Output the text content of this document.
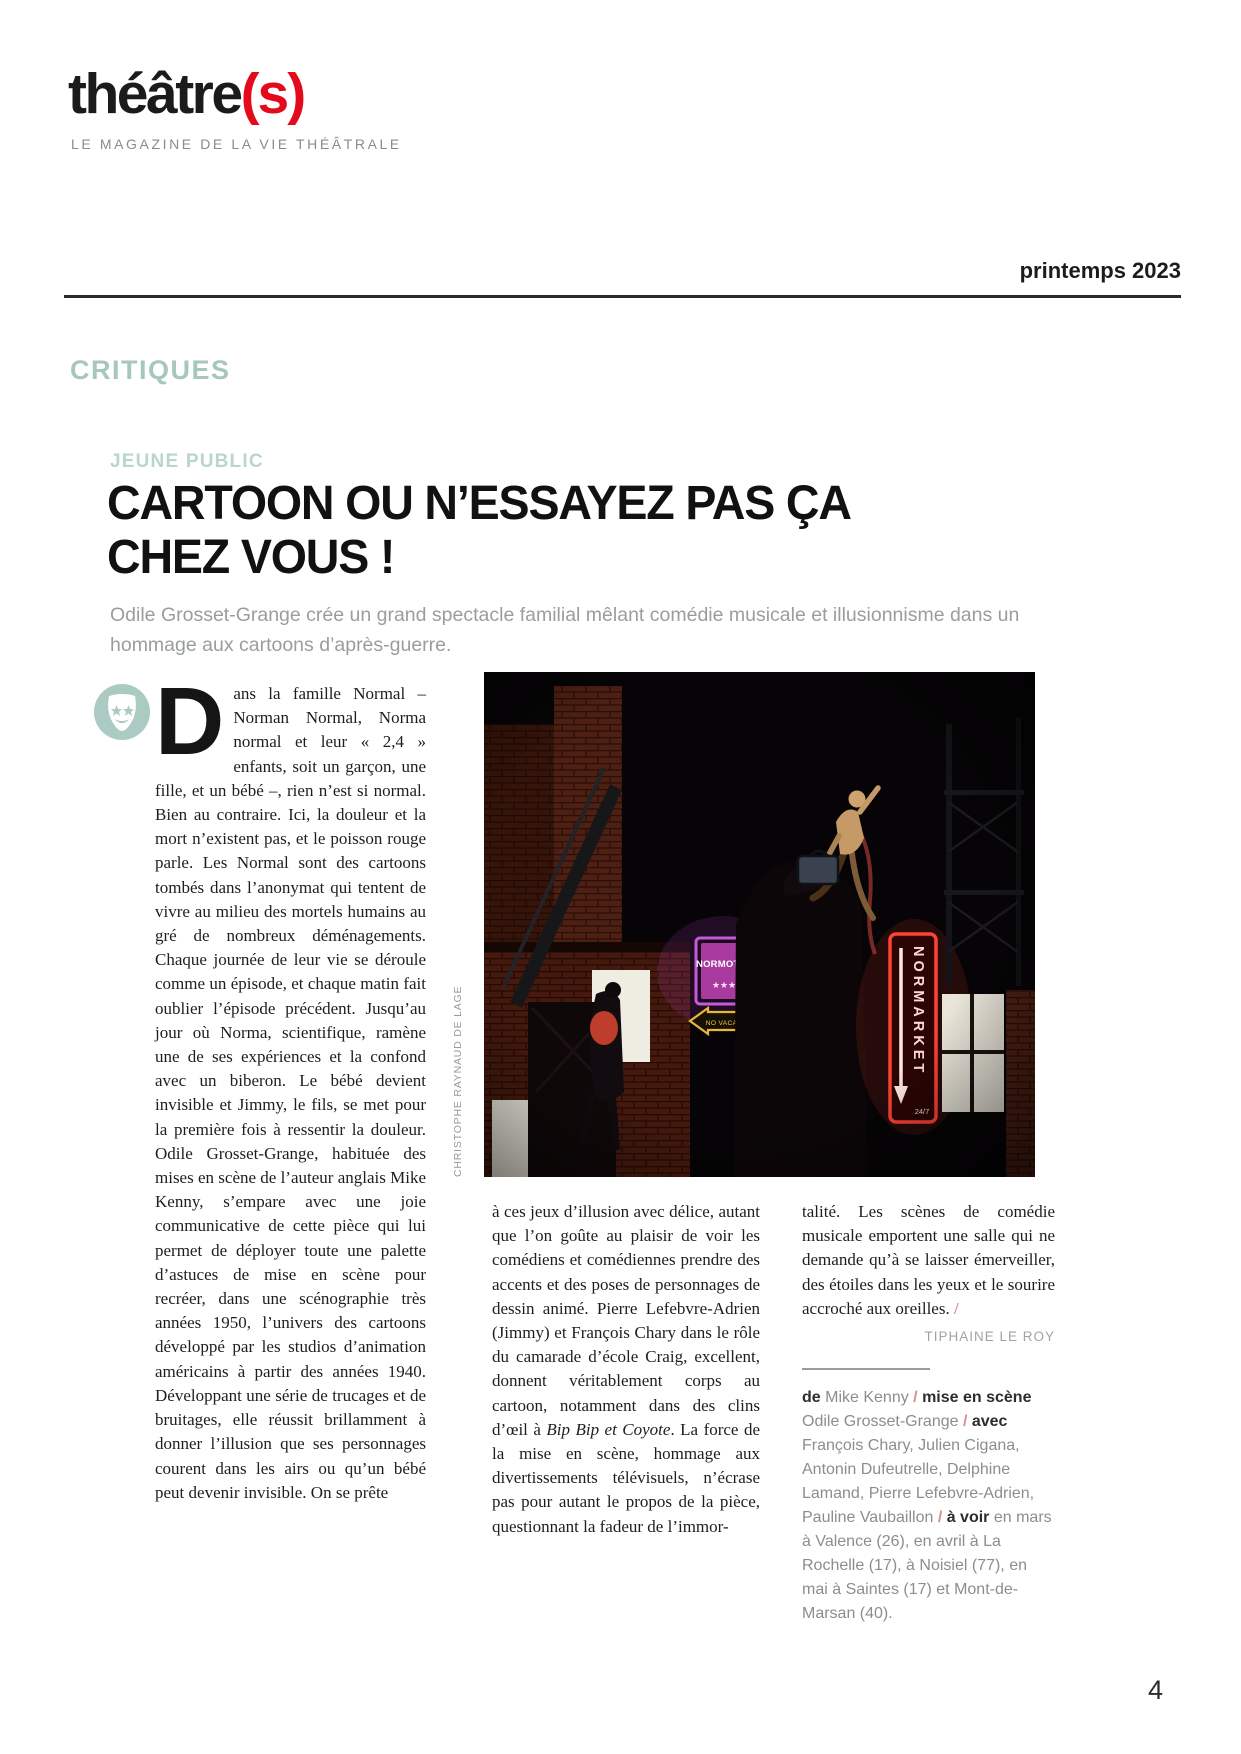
théâtre(s)
LE MAGAZINE DE LA VIE THÉÂTRALE
printemps 2023
CRITIQUES
JEUNE PUBLIC
CARTOON OU N’ESSAYEZ PAS ÇA
CHEZ VOUS !
Odile Grosset-Grange crée un grand spectacle familial mêlant comédie musicale et illusionnisme dans un hommage aux cartoons d’après-guerre.
Dans la famille Normal – Norman Normal, Norma normal et leur « 2,4 » enfants, soit un garçon, une fille, et un bébé –, rien n’est si normal. Bien au contraire. Ici, la douleur et la mort n’existent pas, et le poisson rouge parle. Les Normal sont des cartoons tombés dans l’anonymat qui tentent de vivre au milieu des mortels humains au gré de nombreux déménagements. Chaque journée de leur vie se déroule comme un épisode, et chaque matin fait oublier l’épisode précédent. Jusqu’au jour où Norma, scientifique, ramène une de ses expériences et la confond avec un biberon. Le bébé devient invisible et Jimmy, le fils, se met pour la première fois à ressentir la douleur. Odile Grosset-Grange, habituée des mises en scène de l’auteur anglais Mike Kenny, s’empare avec une joie communicative de cette pièce qui lui permet de déployer toute une palette d’astuces de mise en scène pour recréer, dans une scénographie très années 1950, l’univers des cartoons développé par les studios d’animation américains à partir des années 1940. Développant une série de trucages et de bruitages, elle réussit brillamment à donner l’illusion que ses personnages courent dans les airs ou qu’un bébé peut devenir invisible. On se prête
CHRISTOPHE RAYNAUD DE LAGE
à ces jeux d’illusion avec délice, autant que l’on goûte au plaisir de voir les comédiens et comédiennes prendre des accents et des poses de personnages de dessin animé. Pierre Lefebvre-Adrien (Jimmy) et François Chary dans le rôle du camarade d’école Craig, excellent, donnent véritablement corps au cartoon, notamment dans des clins d’œil à Bip Bip et Coyote. La force de la mise en scène, hommage aux divertissements télévisuels, n’écrase pas pour autant le propos de la pièce, questionnant la fadeur de l’immor-
talité. Les scènes de comédie musicale emportent une salle qui ne demande qu’à se laisser émerveiller, des étoiles dans les yeux et le sourire accroché aux oreilles. /
TIPHAINE LE ROY
de Mike Kenny / mise en scène Odile Grosset-Grange / avec François Chary, Julien Cigana, Antonin Dufeutrelle, Delphine Lamand, Pierre Lefebvre-Adrien, Pauline Vaubaillon / à voir en mars à Valence (26), en avril à La Rochelle (17), à Noisiel (77), en mai à Saintes (17) et Mont-de-Marsan (40).
4
